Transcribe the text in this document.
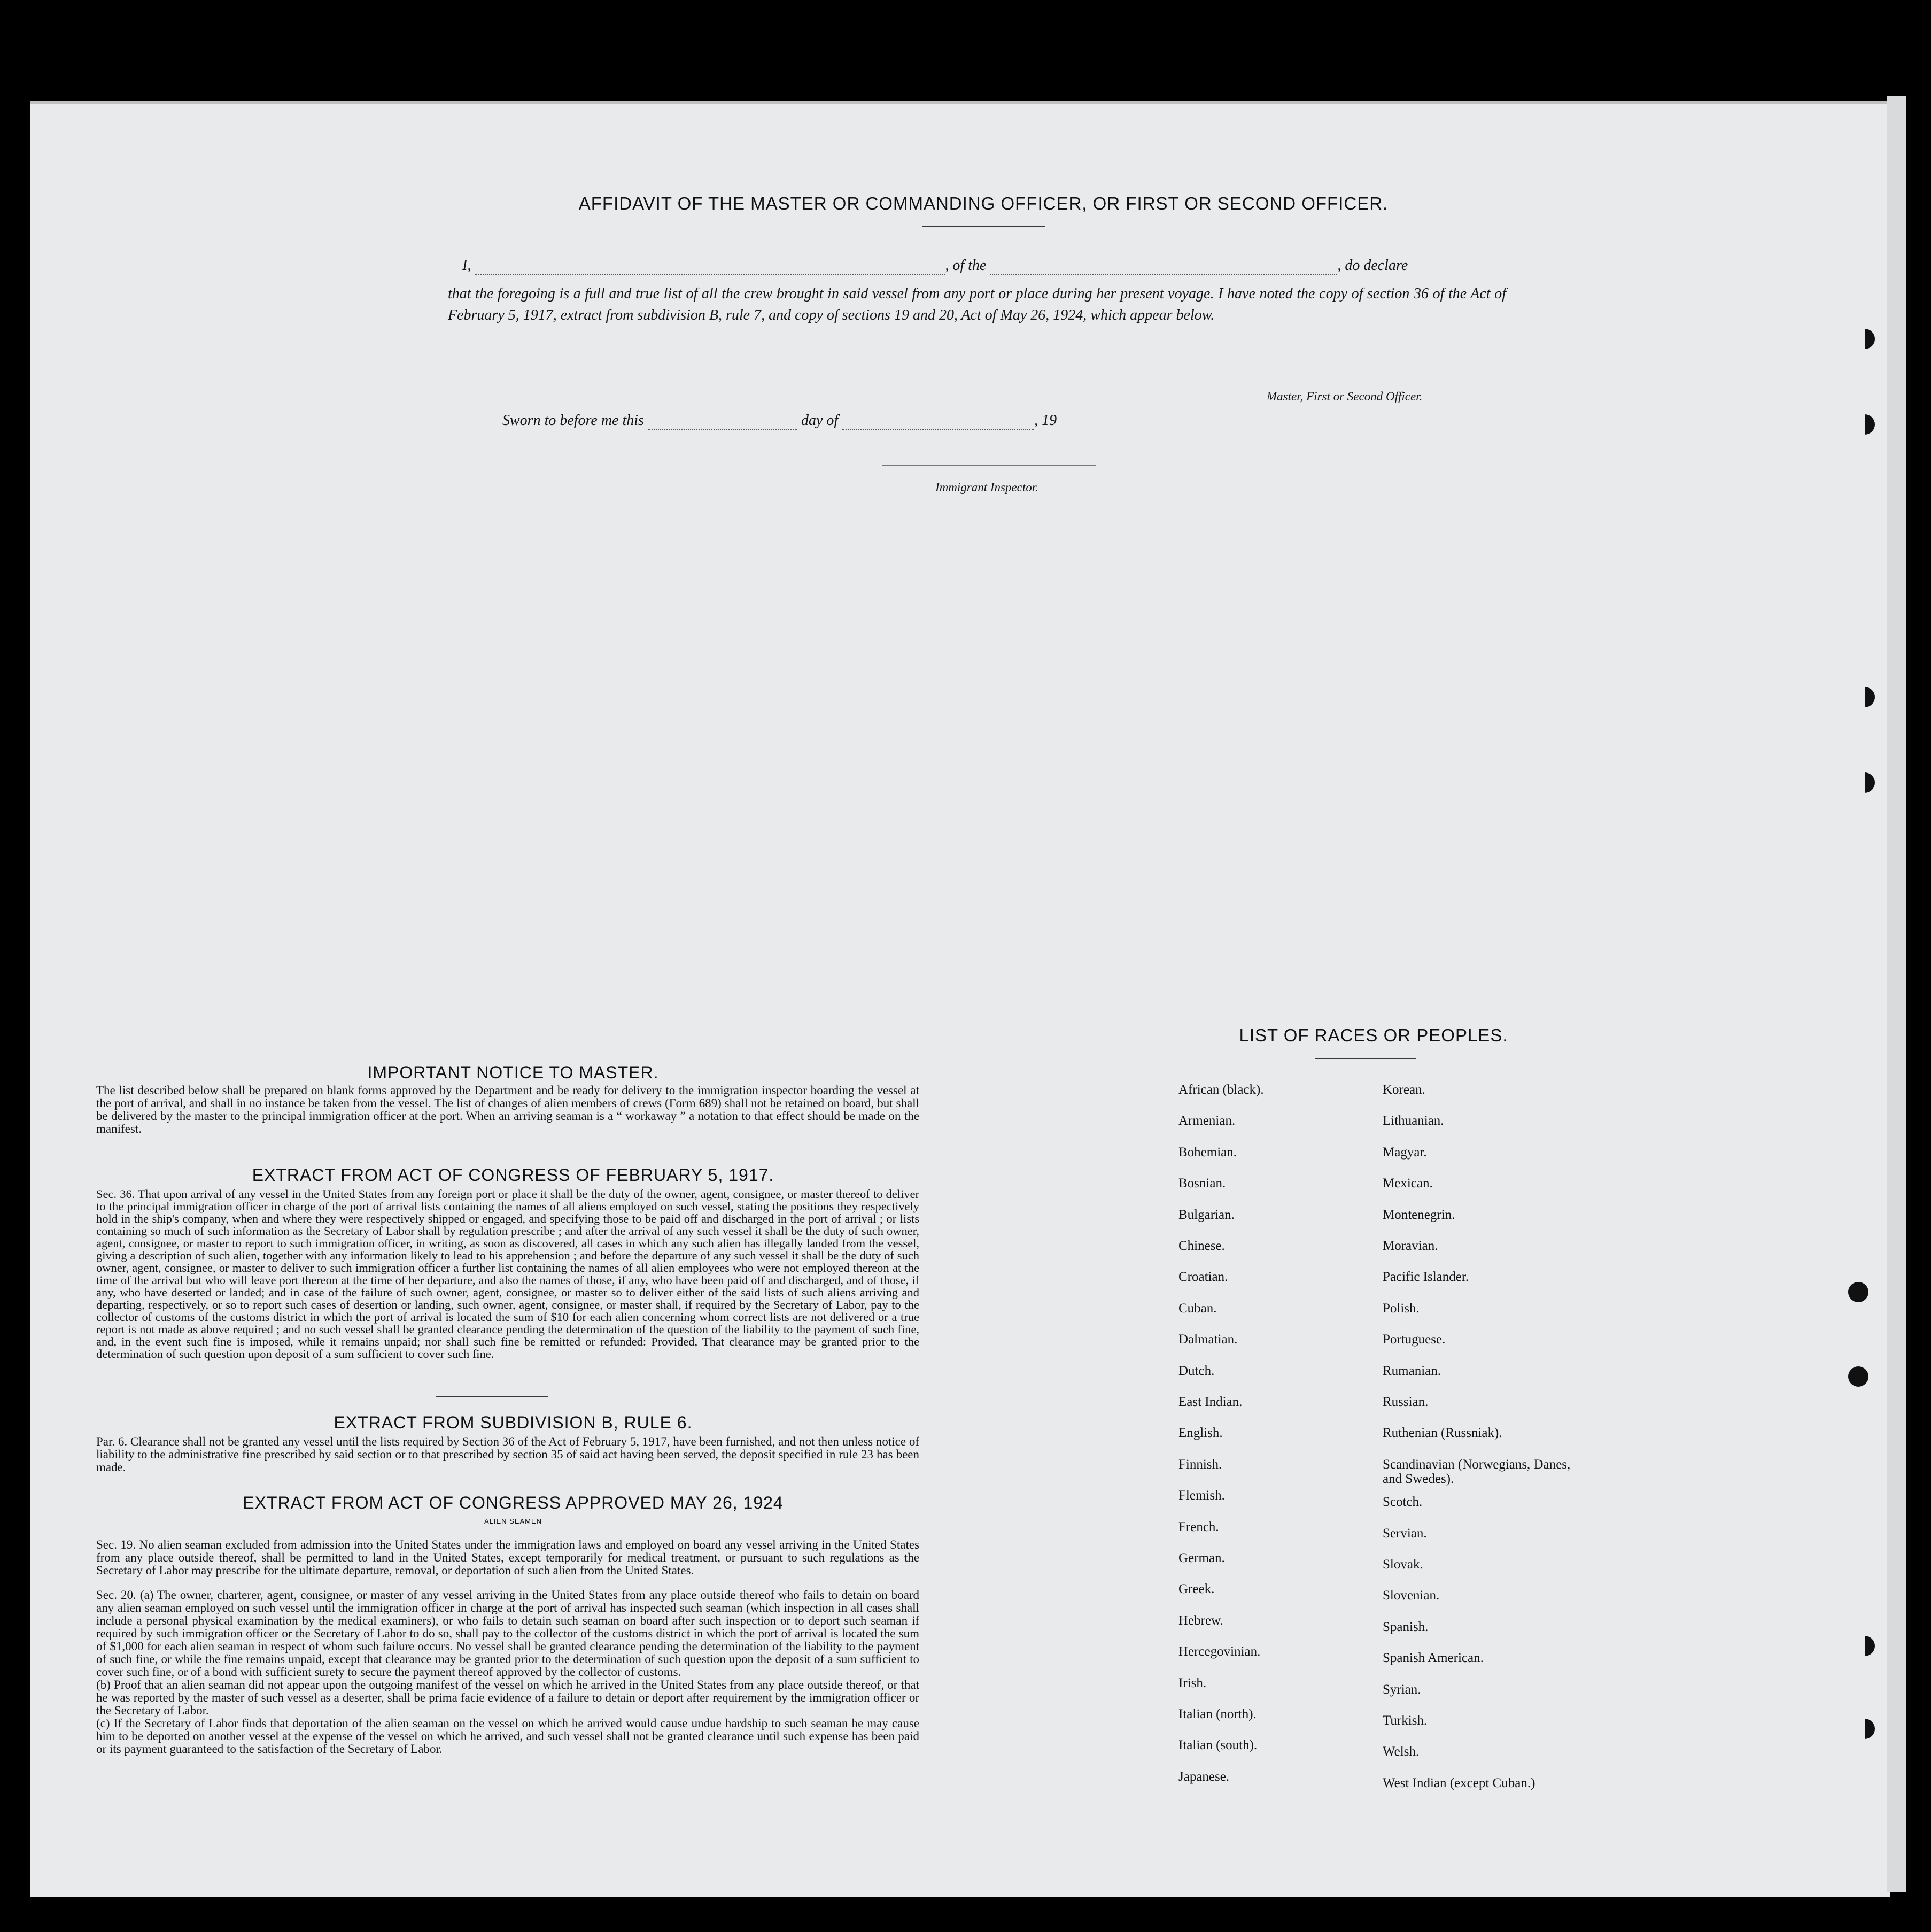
AFFIDAVIT OF THE MASTER OR COMMANDING OFFICER, OR FIRST OR SECOND OFFICER.
I,	, of the	, do declare
that the foregoing is a full and true list of all the crew brought in said vessel from any port or place during her present voyage. I have noted the copy of section 36 of the Act of February 5, 1917, extract from subdivision B, rule 7, and copy of sections 19 and 20, Act of May 26, 1924, which appear below.
Master, First or Second Officer.
Sworn to before me this	day of	, 19
Immigrant Inspector.
IMPORTANT NOTICE TO MASTER.
The list described below shall be prepared on blank forms approved by the Department and be ready for delivery to the immigration inspector boarding the vessel at the port of arrival, and shall in no instance be taken from the vessel. The list of changes of alien members of crews (Form 689) shall not be retained on board, but shall be delivered by the master to the principal immigration officer at the port. When an arriving seaman is a “ workaway ” a notation to that effect should be made on the manifest.
EXTRACT FROM ACT OF CONGRESS OF FEBRUARY 5, 1917.
Sec. 36. That upon arrival of any vessel in the United States from any foreign port or place it shall be the duty of the owner, agent, consignee, or master thereof to deliver to the principal immigration officer in charge of the port of arrival lists containing the names of all aliens employed on such vessel, stating the positions they respectively hold in the ship's company, when and where they were respectively shipped or engaged, and specifying those to be paid off and discharged in the port of arrival ; or lists containing so much of such information as the Secretary of Labor shall by regulation prescribe ; and after the arrival of any such vessel it shall be the duty of such owner, agent, consignee, or master to report to such immigration officer, in writing, as soon as discovered, all cases in which any such alien has illegally landed from the vessel, giving a description of such alien, together with any information likely to lead to his apprehension ; and before the departure of any such vessel it shall be the duty of such owner, agent, consignee, or master to deliver to such immigration officer a further list containing the names of all alien employees who were not employed thereon at the time of the arrival but who will leave port thereon at the time of her departure, and also the names of those, if any, who have been paid off and discharged, and of those, if any, who have deserted or landed; and in case of the failure of such owner, agent, consignee, or master so to deliver either of the said lists of such aliens arriving and departing, respectively, or so to report such cases of desertion or landing, such owner, agent, consignee, or master shall, if required by the Secretary of Labor, pay to the collector of customs of the customs district in which the port of arrival is located the sum of $10 for each alien concerning whom correct lists are not delivered or a true report is not made as above required ; and no such vessel shall be granted clearance pending the determination of the question of the liability to the payment of such fine, and, in the event such fine is imposed, while it remains unpaid; nor shall such fine be remitted or refunded: Provided, That clearance may be granted prior to the determination of such question upon deposit of a sum sufficient to cover such fine.
EXTRACT FROM SUBDIVISION B, RULE 6.
Par. 6. Clearance shall not be granted any vessel until the lists required by Section 36 of the Act of February 5, 1917, have been furnished, and not then unless notice of liability to the administrative fine prescribed by said section or to that prescribed by section 35 of said act having been served, the deposit specified in rule 23 has been made.
EXTRACT FROM ACT OF CONGRESS APPROVED MAY 26, 1924
ALIEN SEAMEN
Sec. 19. No alien seaman excluded from admission into the United States under the immigration laws and employed on board any vessel arriving in the United States from any place outside thereof, shall be permitted to land in the United States, except temporarily for medical treatment, or pursuant to such regulations as the Secretary of Labor may prescribe for the ultimate departure, removal, or deportation of such alien from the United States.
Sec. 20. (a) The owner, charterer, agent, consignee, or master of any vessel arriving in the United States from any place outside thereof who fails to detain on board any alien seaman employed on such vessel until the immigration officer in charge at the port of arrival has inspected such seaman (which inspection in all cases shall include a personal physical examination by the medical examiners), or who fails to detain such seaman on board after such inspection or to deport such seaman if required by such immigration officer or the Secretary of Labor to do so, shall pay to the collector of the customs district in which the port of arrival is located the sum of $1,000 for each alien seaman in respect of whom such failure occurs. No vessel shall be granted clearance pending the determination of the liability to the payment of such fine, or while the fine remains unpaid, except that clearance may be granted prior to the determination of such question upon the deposit of a sum sufficient to cover such fine, or of a bond with sufficient surety to secure the payment thereof approved by the collector of customs.
(b) Proof that an alien seaman did not appear upon the outgoing manifest of the vessel on which he arrived in the United States from any place outside thereof, or that he was reported by the master of such vessel as a deserter, shall be prima facie evidence of a failure to detain or deport after requirement by the immigration officer or the Secretary of Labor.
(c) If the Secretary of Labor finds that deportation of the alien seaman on the vessel on which he arrived would cause undue hardship to such seaman he may cause him to be deported on another vessel at the expense of the vessel on which he arrived, and such vessel shall not be granted clearance until such expense has been paid or its payment guaranteed to the satisfaction of the Secretary of Labor.
LIST OF RACES OR PEOPLES.
African (black).
Armenian.
Bohemian.
Bosnian.
Bulgarian.
Chinese.
Croatian.
Cuban.
Dalmatian.
Dutch.
East Indian.
English.
Finnish.
Flemish.
French.
German.
Greek.
Hebrew.
Hercegovinian.
Irish.
Italian (north).
Italian (south).
Japanese.
Korean.
Lithuanian.
Magyar.
Mexican.
Montenegrin.
Moravian.
Pacific Islander.
Polish.
Portuguese.
Rumanian.
Russian.
Ruthenian (Russniak).
Scandinavian (Norwegians, Danes, and Swedes).
Scotch.
Servian.
Slovak.
Slovenian.
Spanish.
Spanish American.
Syrian.
Turkish.
Welsh.
West Indian (except Cuban.)
